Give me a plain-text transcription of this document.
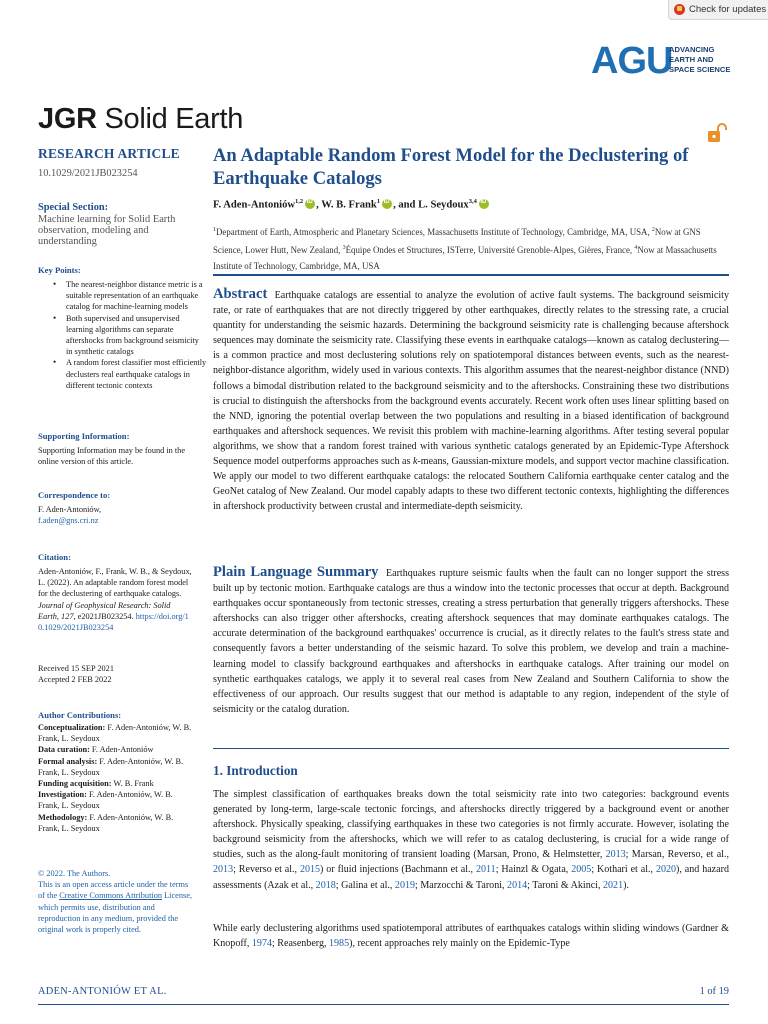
Check for updates
AGU
ADVANCING
EARTH AND
SPACE SCIENCE
JGR Solid Earth
RESEARCH ARTICLE
10.1029/2021JB023254
Special Section:
Machine learning for Solid Earth observation, modeling and understanding
Key Points:
• The nearest-neighbor distance metric is a suitable representation of an earthquake catalog for machine-learning models
• Both supervised and unsupervised learning algorithms can separate aftershocks from background seismicity in synthetic catalogs
• A random forest classifier most efficiently declusters real earthquake catalogs in different tectonic contexts
Supporting Information:
Supporting Information may be found in the online version of this article.
Correspondence to:
F. Aden-Antoniów,
f.aden@gns.cri.nz
Citation:
Aden-Antoniów, F., Frank, W. B., & Seydoux, L. (2022). An adaptable random forest model for the declustering of earthquake catalogs. Journal of Geophysical Research: Solid Earth, 127, e2021JB023254. https://doi.org/10.1029/2021JB023254
Received 15 SEP 2021
Accepted 2 FEB 2022
Author Contributions:
Conceptualization: F. Aden-Antoniów, W. B. Frank, L. Seydoux
Data curation: F. Aden-Antoniów
Formal analysis: F. Aden-Antoniów, W. B. Frank, L. Seydoux
Funding acquisition: W. B. Frank
Investigation: F. Aden-Antoniów, W. B. Frank, L. Seydoux
Methodology: F. Aden-Antoniów, W. B. Frank, L. Seydoux
© 2022. The Authors.
This is an open access article under the terms of the Creative Commons Attribution License, which permits use, distribution and reproduction in any medium, provided the original work is properly cited.
An Adaptable Random Forest Model for the Declustering of Earthquake Catalogs
F. Aden-Antoniów$^{1,2}$ iD , W. B. Frank$^1$ iD , and L. Seydoux$^{3,4}$iD
$^1$Department of Earth, Atmospheric and Planetary Sciences, Massachusetts Institute of Technology, Cambridge, MA, USA, $^2$Now at GNS Science, Lower Hutt, New Zealand, $^3$Équipe Ondes et Structures, ISTerre, Université Grenoble-Alpes, Gières, France, $^4$Now at Massachusetts Institute of Technology, Cambridge, MA, USA
Abstract Earthquake catalogs are essential to analyze the evolution of active fault systems. The background seismicity rate, or rate of earthquakes that are not directly triggered by other earthquakes, directly relates to the stressing rate, a crucial quantity for understanding the seismic hazards. Determining the background seismicity rate is challenging because aftershock sequences may dominate the seismicity rate. Classifying these events in earthquake catalogs—known as catalog declustering—is a common practice and most declustering solutions rely on spatiotemporal distances between events, such as the nearest-neighbor-distance algorithm, widely used in various contexts. This algorithm assumes that the nearest-neighbor distance (NND) follows a bimodal distribution related to the background seismicity and to the aftershocks. Constraining these two distributions is crucial to distinguish the aftershocks from the background events accurately. Recent work often uses linear splitting based on the NND, ignoring the potential overlap between the two populations and resulting in a biased identification of background earthquakes and aftershock sequences. We revisit this problem with machine-learning algorithms. After testing several popular algorithms, we show that a random forest trained with various synthetic catalogs generated by an Epidemic-Type Aftershock Sequence model outperforms approaches such as k-means, Gaussian-mixture models, and support vector machine classification. We apply our model to two different earthquake catalogs: the relocated Southern California earthquake center catalog and the GeoNet catalog of New Zealand. Our model capably adapts to these two different tectonic contexts, highlighting the differences in aftershock productivity between crustal and intermediate-depth seismicity.
Plain Language Summary Earthquakes rupture seismic faults when the fault can no longer support the stress built up by tectonic motion. Earthquake catalogs are thus a window into the tectonic processes that occur at depth. Background earthquakes occur spontaneously from tectonic stresses, creating a stress perturbation that generally triggers aftershocks. These aftershocks can also trigger other aftershocks, creating aftershock sequences that may dominate earthquakes catalogs. The accurate determination of the background earthquakes' occurrence is crucial, as it directly relates to the fault's stress state and consequently favors a better understanding of the seismic hazard. To solve this problem, we develop and train a machine-learning model to classify background earthquakes and aftershocks in earthquake catalogs. After training our model on synthetic earthquakes catalogs, we apply it to several real cases from New Zealand and Southern California to show the effectiveness of our approach. Our results suggest that our method is adaptable to any region, independent of the style of seismicity or the catalog duration.
1. Introduction
The simplest classification of earthquakes breaks down the total seismicity rate into two categories: background events generated by long-term, large-scale tectonic forcings, and aftershocks directly triggered by a background event or another aftershock. Physically speaking, classifying earthquakes in these two categories is not firmly accurate. However, isolating the background seismicity from the aftershocks, which we will refer to as catalog declustering, is crucial for a wide range of studies, such as the along-fault monitoring of transient loading (Marsan, Prono, & Helmstetter, 2013; Marsan, Reverso, et al., 2013; Reverso et al., 2015) or fluid injections (Bachmann et al., 2011; Hainzl & Ogata, 2005; Kothari et al., 2020), and hazard assessments (Azak et al., 2018; Galina et al., 2019; Marzocchi & Taroni, 2014; Taroni & Akinci, 2021).
While early declustering algorithms used spatiotemporal attributes of earthquakes catalogs within sliding windows (Gardner & Knopoff, 1974; Reasenberg, 1985), recent approaches rely mainly on the Epidemic-Type
ADEN-ANTONIÓW ET AL.	1 of 19
